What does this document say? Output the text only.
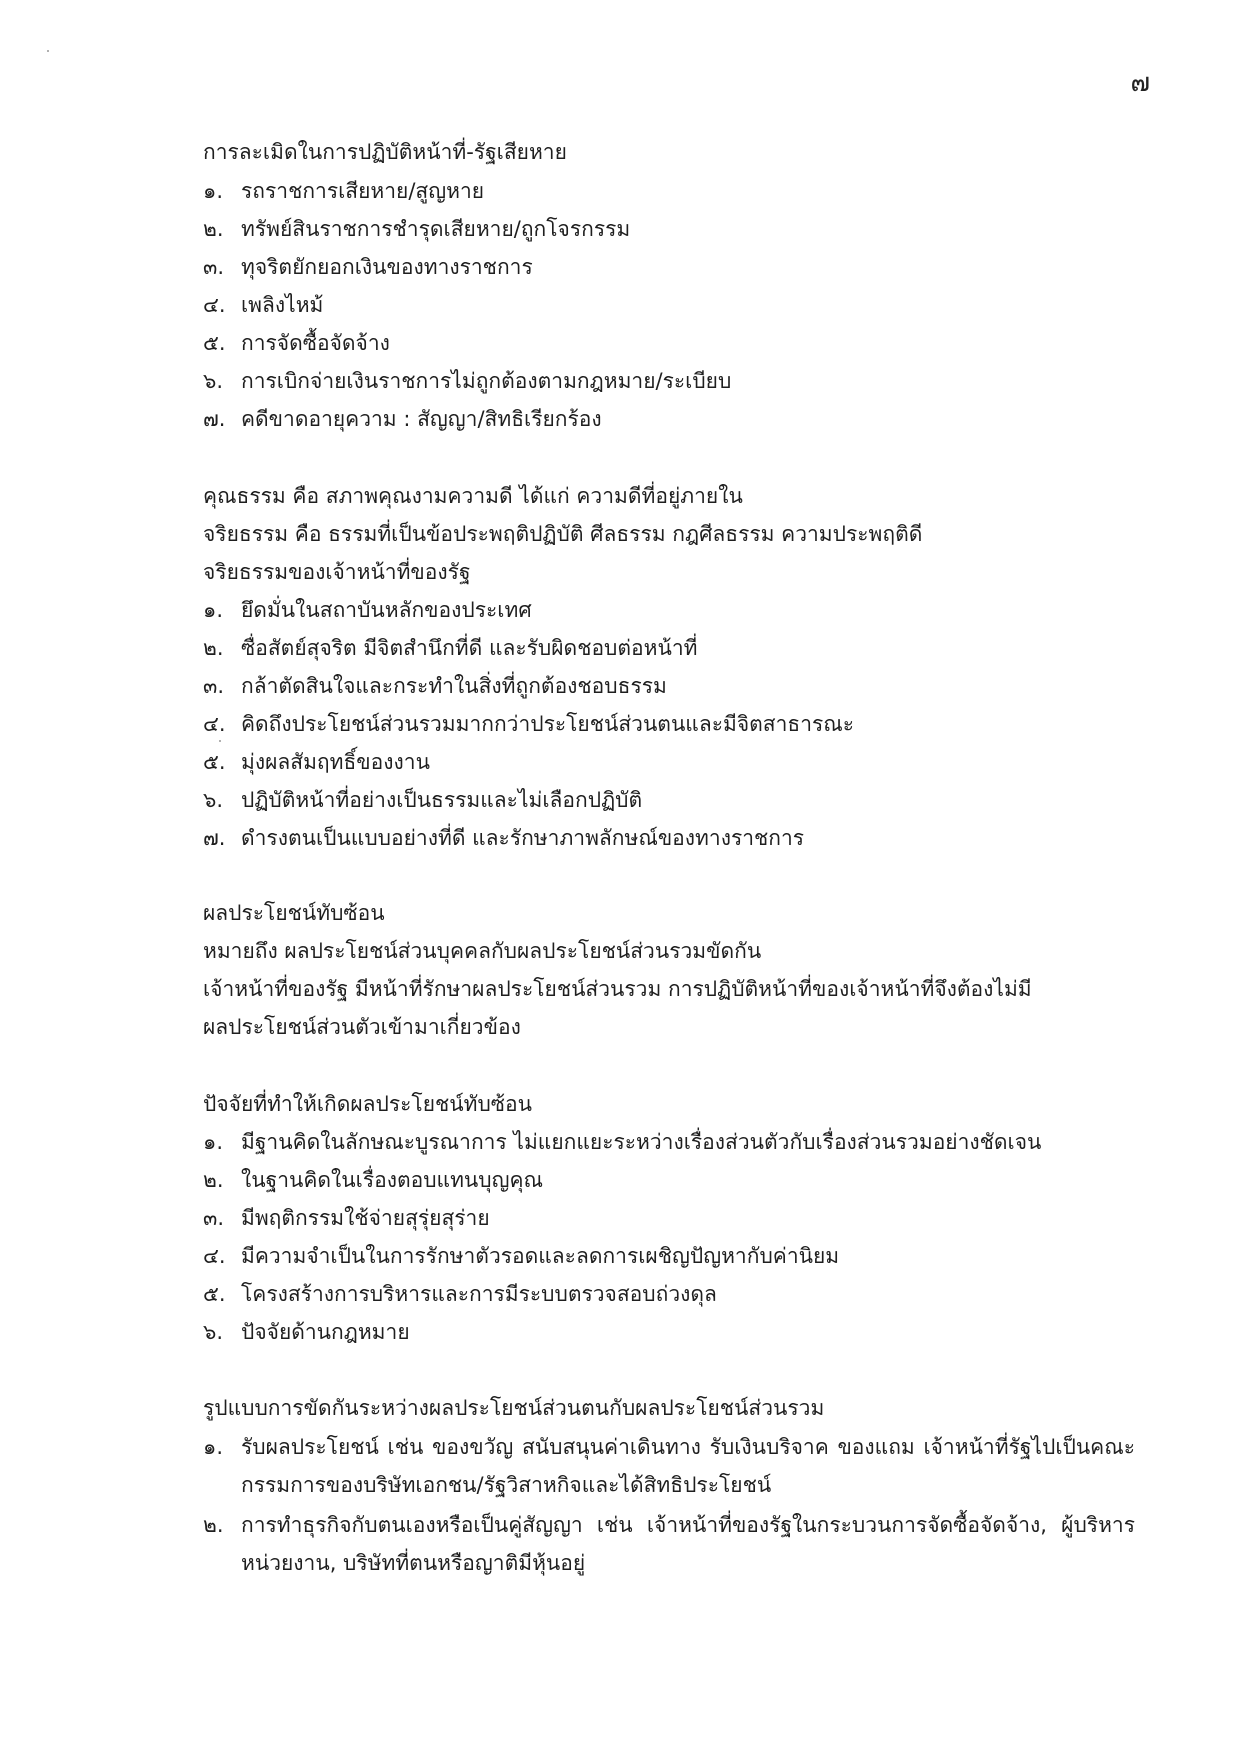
๗
การละเมิดในการปฏิบัติหน้าที่-รัฐเสียหาย
๑. รถราชการเสียหาย/สูญหาย
๒. ทรัพย์สินราชการชำรุดเสียหาย/ถูกโจรกรรม
๓. ทุจริตยักยอกเงินของทางราชการ
๔. เพลิงไหม้
๕. การจัดซื้อจัดจ้าง
๖. การเบิกจ่ายเงินราชการไม่ถูกต้องตามกฎหมาย/ระเบียบ
๗. คดีขาดอายุความ : สัญญา/สิทธิเรียกร้อง
คุณธรรม คือ สภาพคุณงามความดี ได้แก่ ความดีที่อยู่ภายใน
จริยธรรม คือ ธรรมที่เป็นข้อประพฤติปฏิบัติ ศีลธรรม กฎศีลธรรม ความประพฤติดี
จริยธรรมของเจ้าหน้าที่ของรัฐ
๑. ยึดมั่นในสถาบันหลักของประเทศ
๒. ซื่อสัตย์สุจริต มีจิตสำนึกที่ดี และรับผิดชอบต่อหน้าที่
๓. กล้าตัดสินใจและกระทำในสิ่งที่ถูกต้องชอบธรรม
๔. คิดถึงประโยชน์ส่วนรวมมากกว่าประโยชน์ส่วนตนและมีจิตสาธารณะ
๕. มุ่งผลสัมฤทธิ์ของงาน
๖. ปฏิบัติหน้าที่อย่างเป็นธรรมและไม่เลือกปฏิบัติ
๗. ดำรงตนเป็นแบบอย่างที่ดี และรักษาภาพลักษณ์ของทางราชการ
ผลประโยชน์ทับซ้อน
หมายถึง ผลประโยชน์ส่วนบุคคลกับผลประโยชน์ส่วนรวมขัดกัน
เจ้าหน้าที่ของรัฐ มีหน้าที่รักษาผลประโยชน์ส่วนรวม การปฏิบัติหน้าที่ของเจ้าหน้าที่จึงต้องไม่มี
ผลประโยชน์ส่วนตัวเข้ามาเกี่ยวข้อง
ปัจจัยที่ทำให้เกิดผลประโยชน์ทับซ้อน
๑. มีฐานคิดในลักษณะบูรณาการ ไม่แยกแยะระหว่างเรื่องส่วนตัวกับเรื่องส่วนรวมอย่างชัดเจน
๒. ในฐานคิดในเรื่องตอบแทนบุญคุณ
๓. มีพฤติกรรมใช้จ่ายสุรุ่ยสุร่าย
๔. มีความจำเป็นในการรักษาตัวรอดและลดการเผชิญปัญหากับค่านิยม
๕. โครงสร้างการบริหารและการมีระบบตรวจสอบถ่วงดุล
๖. ปัจจัยด้านกฎหมาย
รูปแบบการขัดกันระหว่างผลประโยชน์ส่วนตนกับผลประโยชน์ส่วนรวม
๑. รับผลประโยชน์ เช่น ของขวัญ สนับสนุนค่าเดินทาง รับเงินบริจาค ของแถม เจ้าหน้าที่รัฐไปเป็นคณะกรรมการของบริษัทเอกชน/รัฐวิสาหกิจและได้สิทธิประโยชน์
๒. การทำธุรกิจกับตนเองหรือเป็นคู่สัญญา เช่น เจ้าหน้าที่ของรัฐในกระบวนการจัดซื้อจัดจ้าง, ผู้บริหารหน่วยงาน, บริษัทที่ตนหรือญาติมีหุ้นอยู่
